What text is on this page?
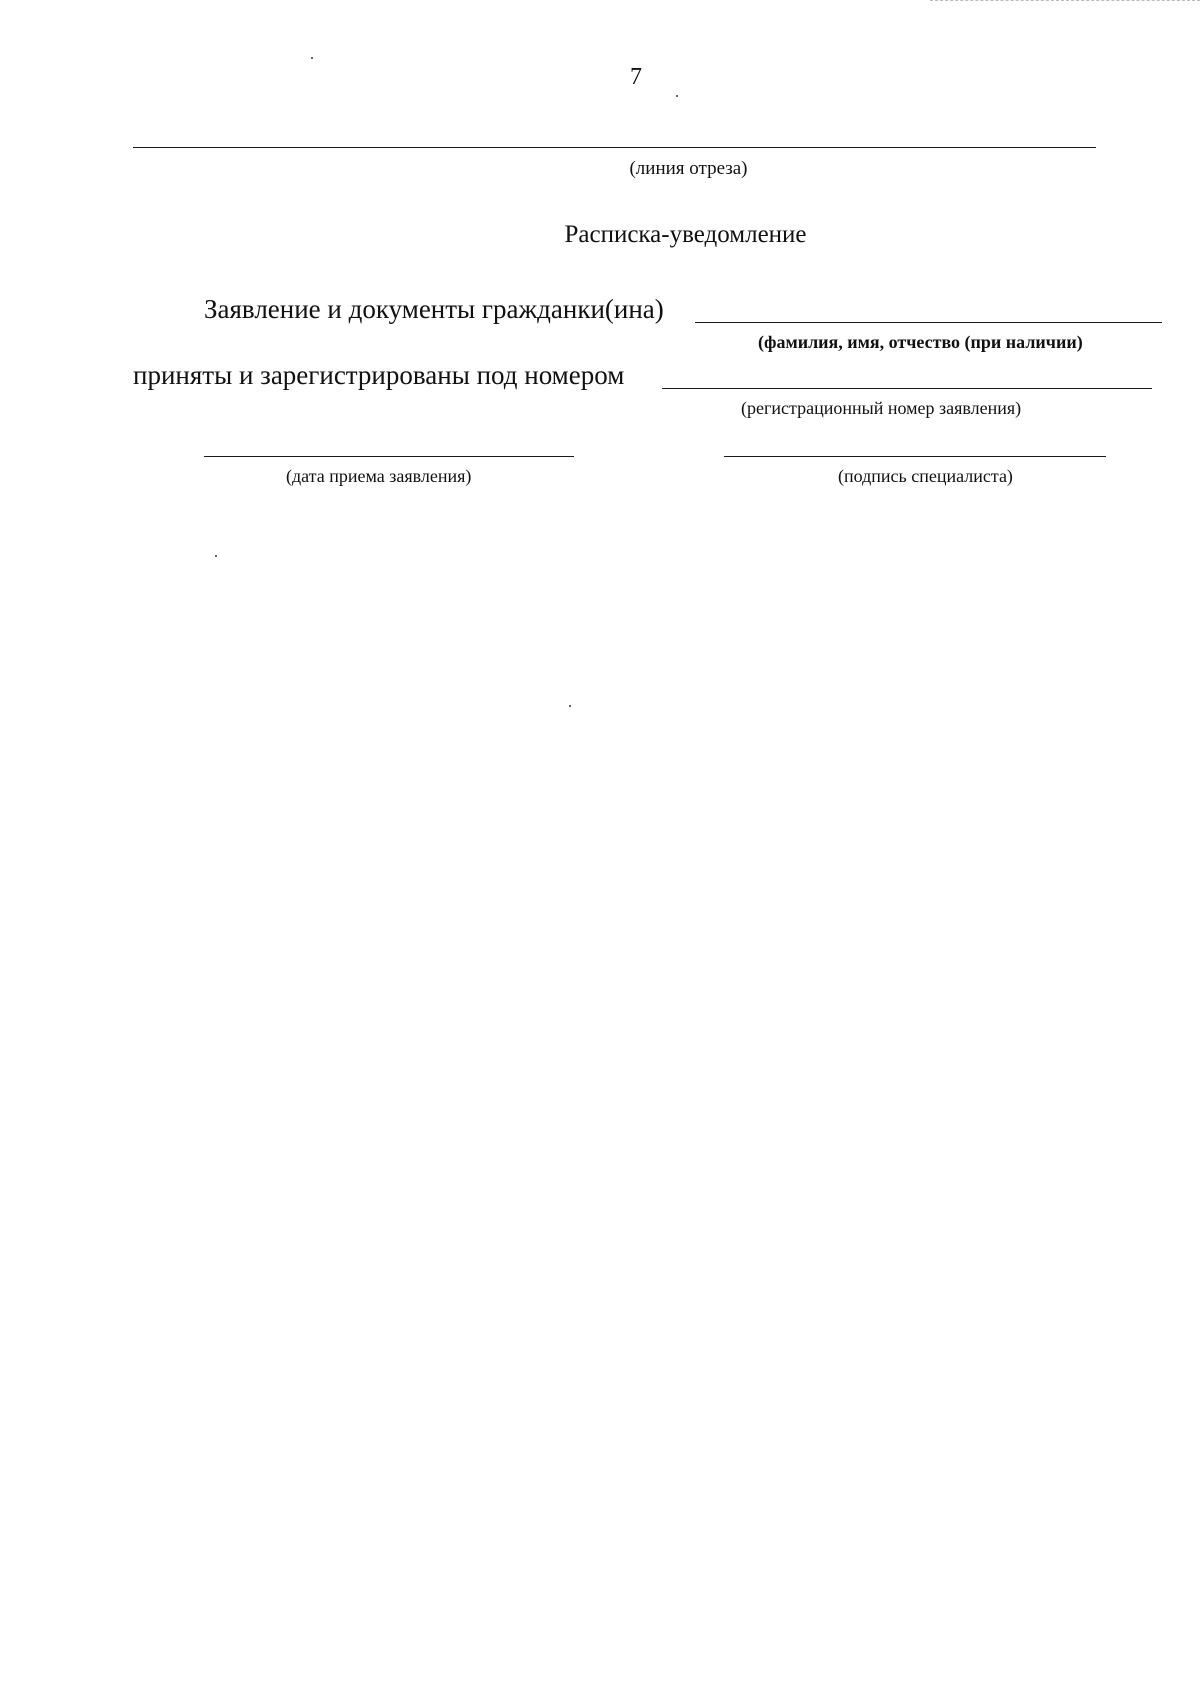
7
(линия отреза)
Расписка-уведомление
Заявление и документы гражданки(ина)
(фамилия, имя, отчество (при наличии)
приняты и зарегистрированы под номером
(регистрационный номер заявления)
(дата приема заявления)	(подпись специалиста)
